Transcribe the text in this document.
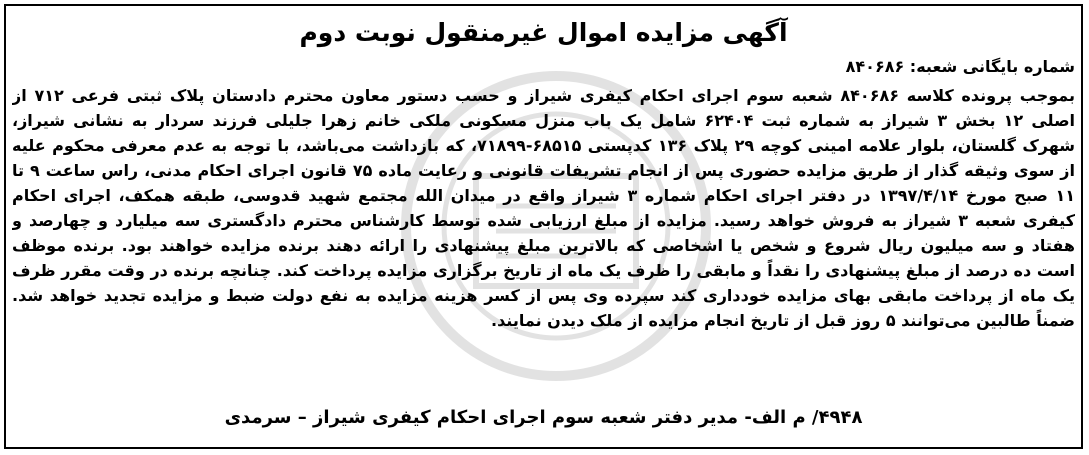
آگهی مزایده اموال غیرمنقول نوبت دوم
شماره بایگانی شعبه: ۸۴۰۶۸۶
بموجب پرونده کلاسه ۸۴۰۶۸۶ شعبه سوم اجرای احکام کیفری شیراز و حسب دستور معاون محترم دادستان پلاک ثبتی فرعی ۷۱۲ از اصلی ۱۲ بخش ۳ شیراز به شماره ثبت ۶۲۴۰۴ شامل یک باب منزل مسکونی ملکی خانم زهرا جلیلی فرزند سردار به نشانی شیراز، شهرک گلستان، بلوار علامه امینی کوچه ۲۹ پلاک ۱۳۶ کدپستی ۶۸۵۱۵-۷۱۸۹۹، که بازداشت می‌باشد، با توجه به عدم معرفی محکوم علیه از سوی وثیقه گذار از طریق مزایده حضوری پس از انجام تشریفات قانونی و رعایت ماده ۷۵ قانون اجرای احکام مدنی، راس ساعت ۹ تا ۱۱ صبح مورخ ۱۳۹۷/۴/۱۴ در دفتر اجرای احکام شماره ۳ شیراز واقع در میدان الله مجتمع شهید قدوسی، طبقه همکف، اجرای احکام کیفری شعبه ۳ شیراز به فروش خواهد رسید. مزایده از مبلغ ارزیابی شده توسط کارشناس محترم دادگستری سه میلیارد و چهارصد و هفتاد و سه میلیون ریال شروع و شخص یا اشخاصی که بالاترین مبلغ پیشنهادی را ارائه دهند برنده مزایده خواهند بود. برنده موظف است ده درصد از مبلغ پیشنهادی را نقداً و مابقی را ظرف یک ماه از تاریخ برگزاری مزایده پرداخت کند. چنانچه برنده در وقت مقرر ظرف یک ماه از پرداخت مابقی بهای مزایده خودداری کند سپرده وی پس از کسر هزینه مزایده به نفع دولت ضبط و مزایده تجدید خواهد شد. ضمناً طالبین می‌توانند ۵ روز قبل از تاریخ انجام مزایده از ملک دیدن نمایند.
۴۹۴۸/ م الف- مدیر دفتر شعبه سوم اجرای احکام کیفری شیراز – سرمدی
